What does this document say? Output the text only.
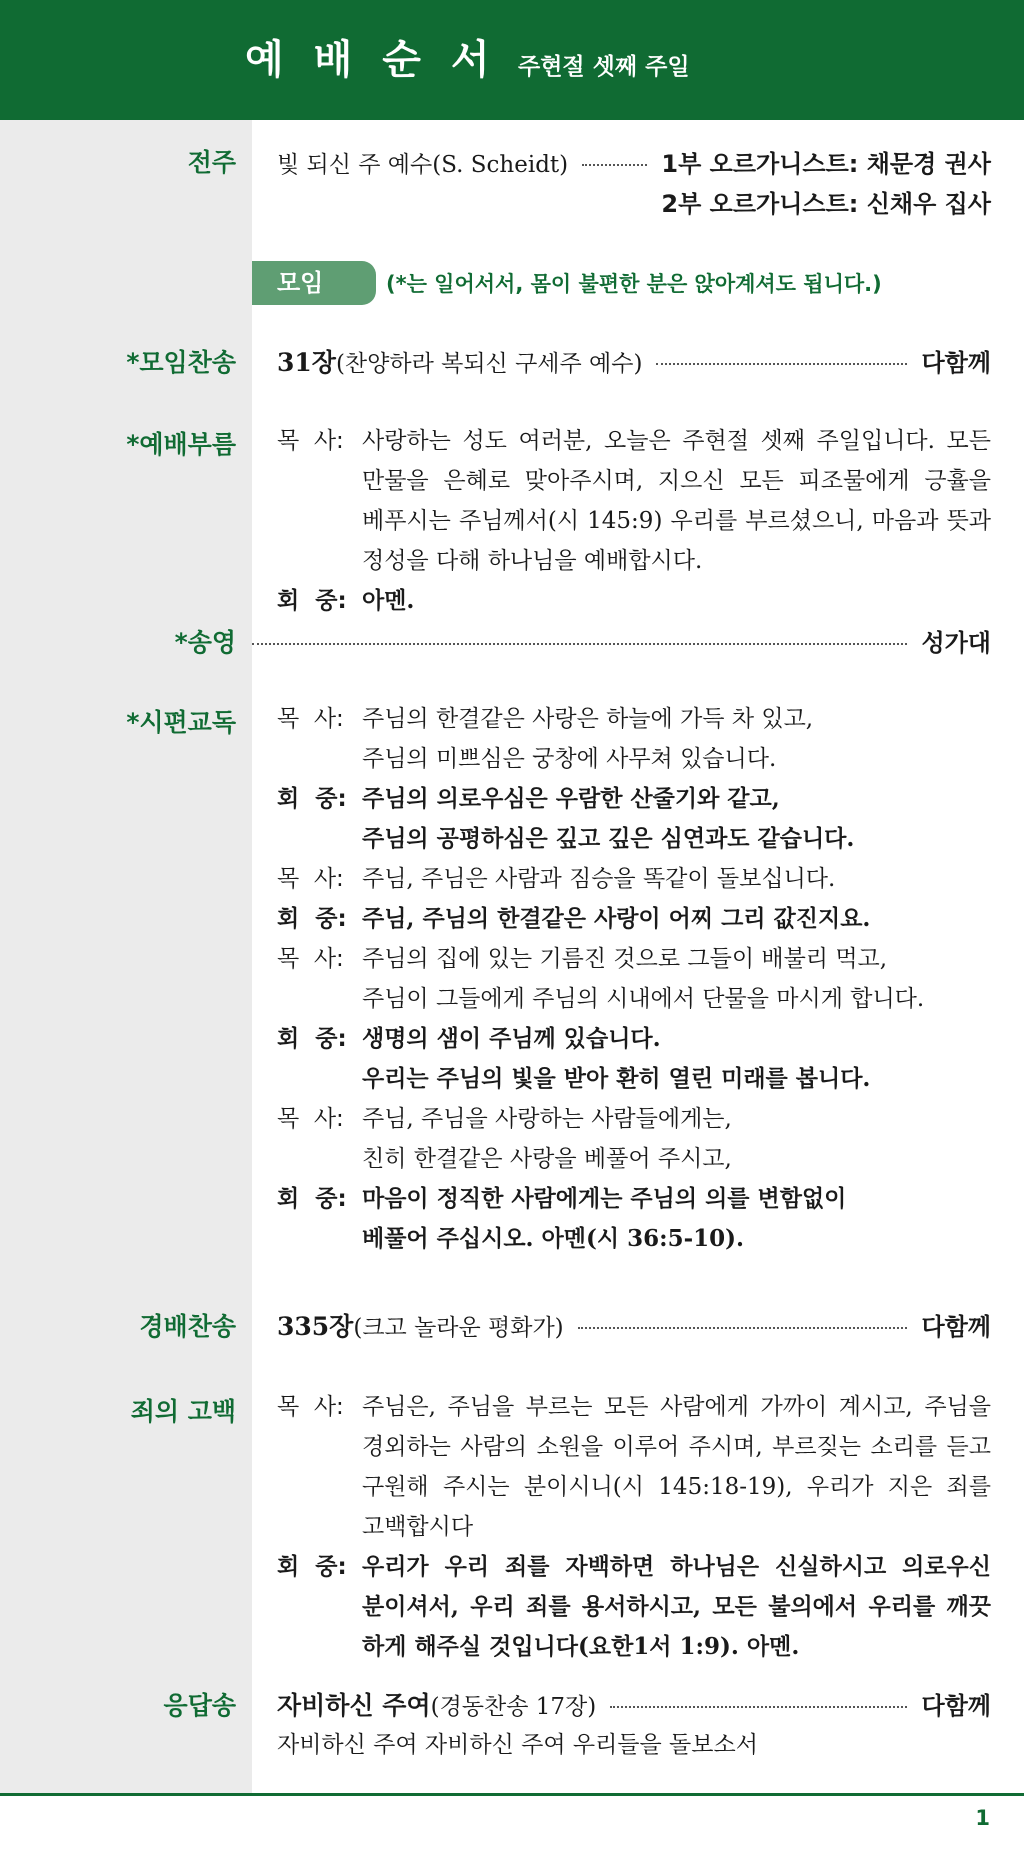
예배순서
주현절 셋째 주일
전주 빛 되신 주 예수(S. Scheidt)	1부 오르가니스트: 채문경 권사
2부 오르가니스트: 신채우 집사
모임	(*는 일어서서, 몸이 불편한 분은 앉아계셔도 됩니다.)
*모임찬송 31장 (찬양하라 복되신 구세주 예수)	다함께
*예배부름 목  사: 사랑하는 성도 여러분, 오늘은 주현절 셋째 주일입니다. 모든
만물을 은혜로 맞아주시며, 지으신 모든 피조물에게 긍휼을
베푸시는 주님께서(시 145:9) 우리를 부르셨으니, 마음과 뜻과
정성을 다해 하나님을 예배합시다.
회  중: 아멘.
*송영	성가대
*시편교독 목  사: 주님의 한결같은 사랑은 하늘에 가득 차 있고,
주님의 미쁘심은 궁창에 사무쳐 있습니다.
회  중: 주님의 의로우심은 우람한 산줄기와 같고,
주님의 공평하심은 깊고 깊은 심연과도 같습니다.
목  사: 주님, 주님은 사람과 짐승을 똑같이 돌보십니다.
회  중: 주님, 주님의 한결같은 사랑이 어찌 그리 값진지요.
목  사: 주님의 집에 있는 기름진 것으로 그들이 배불리 먹고,
주님이 그들에게 주님의 시내에서 단물을 마시게 합니다.
회  중: 생명의 샘이 주님께 있습니다.
우리는 주님의 빛을 받아 환히 열린 미래를 봅니다.
목  사: 주님, 주님을 사랑하는 사람들에게는,
친히 한결같은 사랑을 베풀어 주시고,
회  중: 마음이 정직한 사람에게는 주님의 의를 변함없이
베풀어 주십시오. 아멘(시 36:5-10).
경배찬송 335장 (크고 놀라운 평화가)	다함께
죄의 고백 목  사: 주님은, 주님을 부르는 모든 사람에게 가까이 계시고, 주님을
경외하는 사람의 소원을 이루어 주시며, 부르짖는 소리를 듣고
구원해 주시는 분이시니(시 145:18-19), 우리가 지은 죄를
고백합시다
회  중: 우리가 우리 죄를 자백하면 하나님은 신실하시고 의로우신
분이셔서, 우리 죄를 용서하시고, 모든 불의에서 우리를 깨끗
하게 해주실 것입니다(요한1서 1:9). 아멘.
응답송 자비하신 주여 (경동찬송 17장)	다함께
자비하신 주여 자비하신 주여 우리들을 돌보소서
1
